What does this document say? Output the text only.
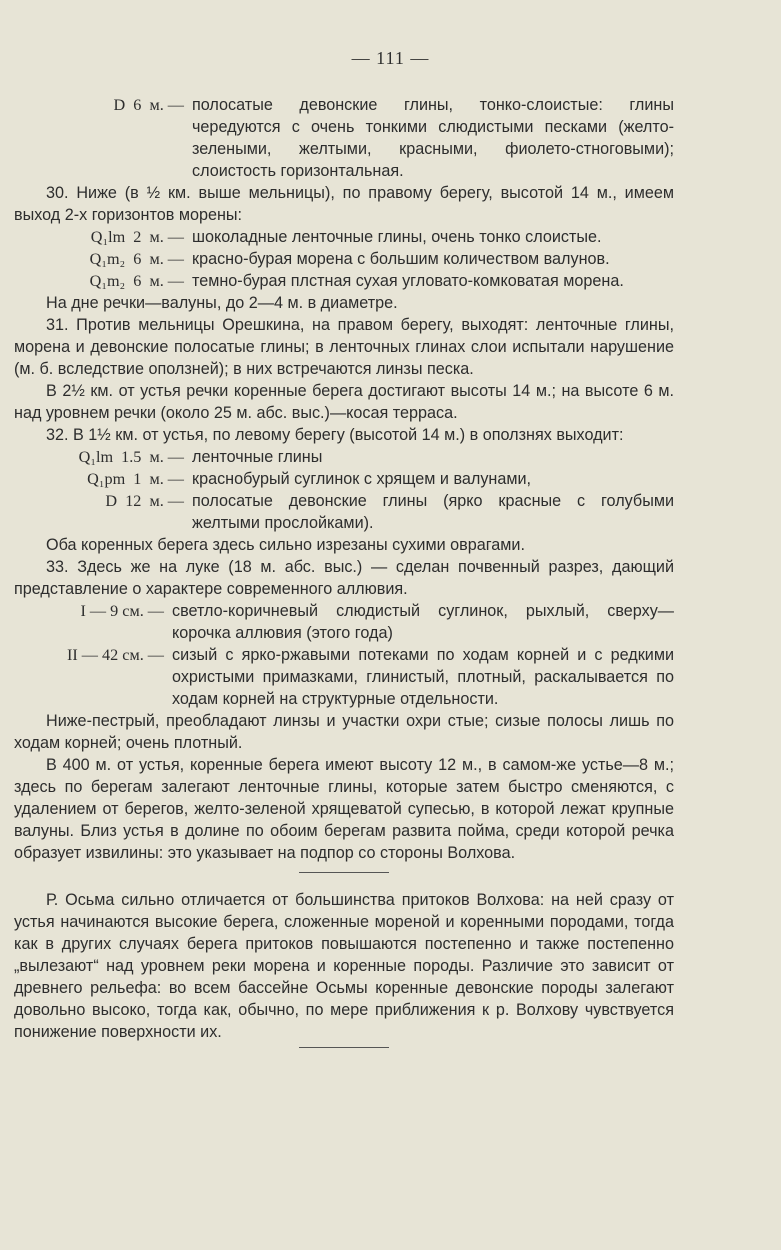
— 111 —
D  6  м. — полосатые девонские глины, тонко-слоистые: глины чередуются с очень тонкими слюдистыми песками (желто-зелеными, желтыми, красными, фиолето-стноговыми); слоистость горизонтальная.

30. Ниже (в ½ км. выше мельницы), по правому берегу, высотой 14 м., имеем выход 2-х горизонтов морены:

Q₁lm  2  м. — шоколадные ленточные глины, очень тонко слоистые.
Q₁m₂  6  м. — красно-бурая морена с большим количеством валунов.
Q₁m₂  6  м. — темно-бурая плстная сухая угловато-комковатая морена.

На дне речки—валуны, до 2—4 м. в диаметре.

31. Против мельницы Орешкина, на правом берегу, выходят: ленточные глины, морена и девонские полосатые глины; в ленточных глинах слои испытали нарушение (м. б. вследствие оползней); в них встречаются линзы песка.

В 2½ км. от устья речки коренные берега достигают высоты 14 м.; на высоте 6 м. над уровнем речки (около 25 м. абс. выс.)—косая терраса.

32. В 1½ км. от устья, по левому берегу (высотой 14 м.) в оползнях выходит:

Q₁lm  1.5  м. — ленточные глины
Q₁pm  1  м. — краснобурый суглинок с хрящем и валунами,
D  12  м. — полосатые девонские глины (ярко красные с голубыми желтыми прослойками).

Оба коренных берега здесь сильно изрезаны сухими оврагами.

33. Здесь же на луке (18 м. абс. выс.) — сделан почвенный разрез, дающий представление о характере современного аллювия.

I — 9 см. — светло-коричневый слюдистый суглинок, рыхлый, сверху—корочка аллювия (этого года)
II — 42 см. — сизый с ярко-ржавыми потеками по ходам корней и с редкими охристыми примазками, глинистый, плотный, раскалывается по ходам корней на структурные отдельности.

Ниже-пестрый, преобладают линзы и участки охри стые; сизые полосы лишь по ходам корней; очень плотный.

В 400 м. от устья, коренные берега имеют высоту 12 м., в самом-же устье—8 м.; здесь по берегам залегают ленточные глины, которые затем быстро сменяются, с удалением от берегов, желто-зеленой хрящеватой супесью, в которой лежат крупные валуны. Близ устья в долине по обоим берегам развита пойма, среди которой речка образует извилины: это указывает на подпор со стороны Волхова.

Р. Осьма сильно отличается от большинства притоков Волхова: на ней сразу от устья начинаются высокие берега, сложенные мореной и коренными породами, тогда как в других случаях берега притоков повышаются постепенно и также постепенно „вылезают“ над уровнем реки морена и коренные породы. Различие это зависит от древнего рельефа: во всем бассейне Осьмы коренные девонские породы залегают довольно высоко, тогда как, обычно, по мере приближения к р. Волхову чувствуется понижение поверхности их.
